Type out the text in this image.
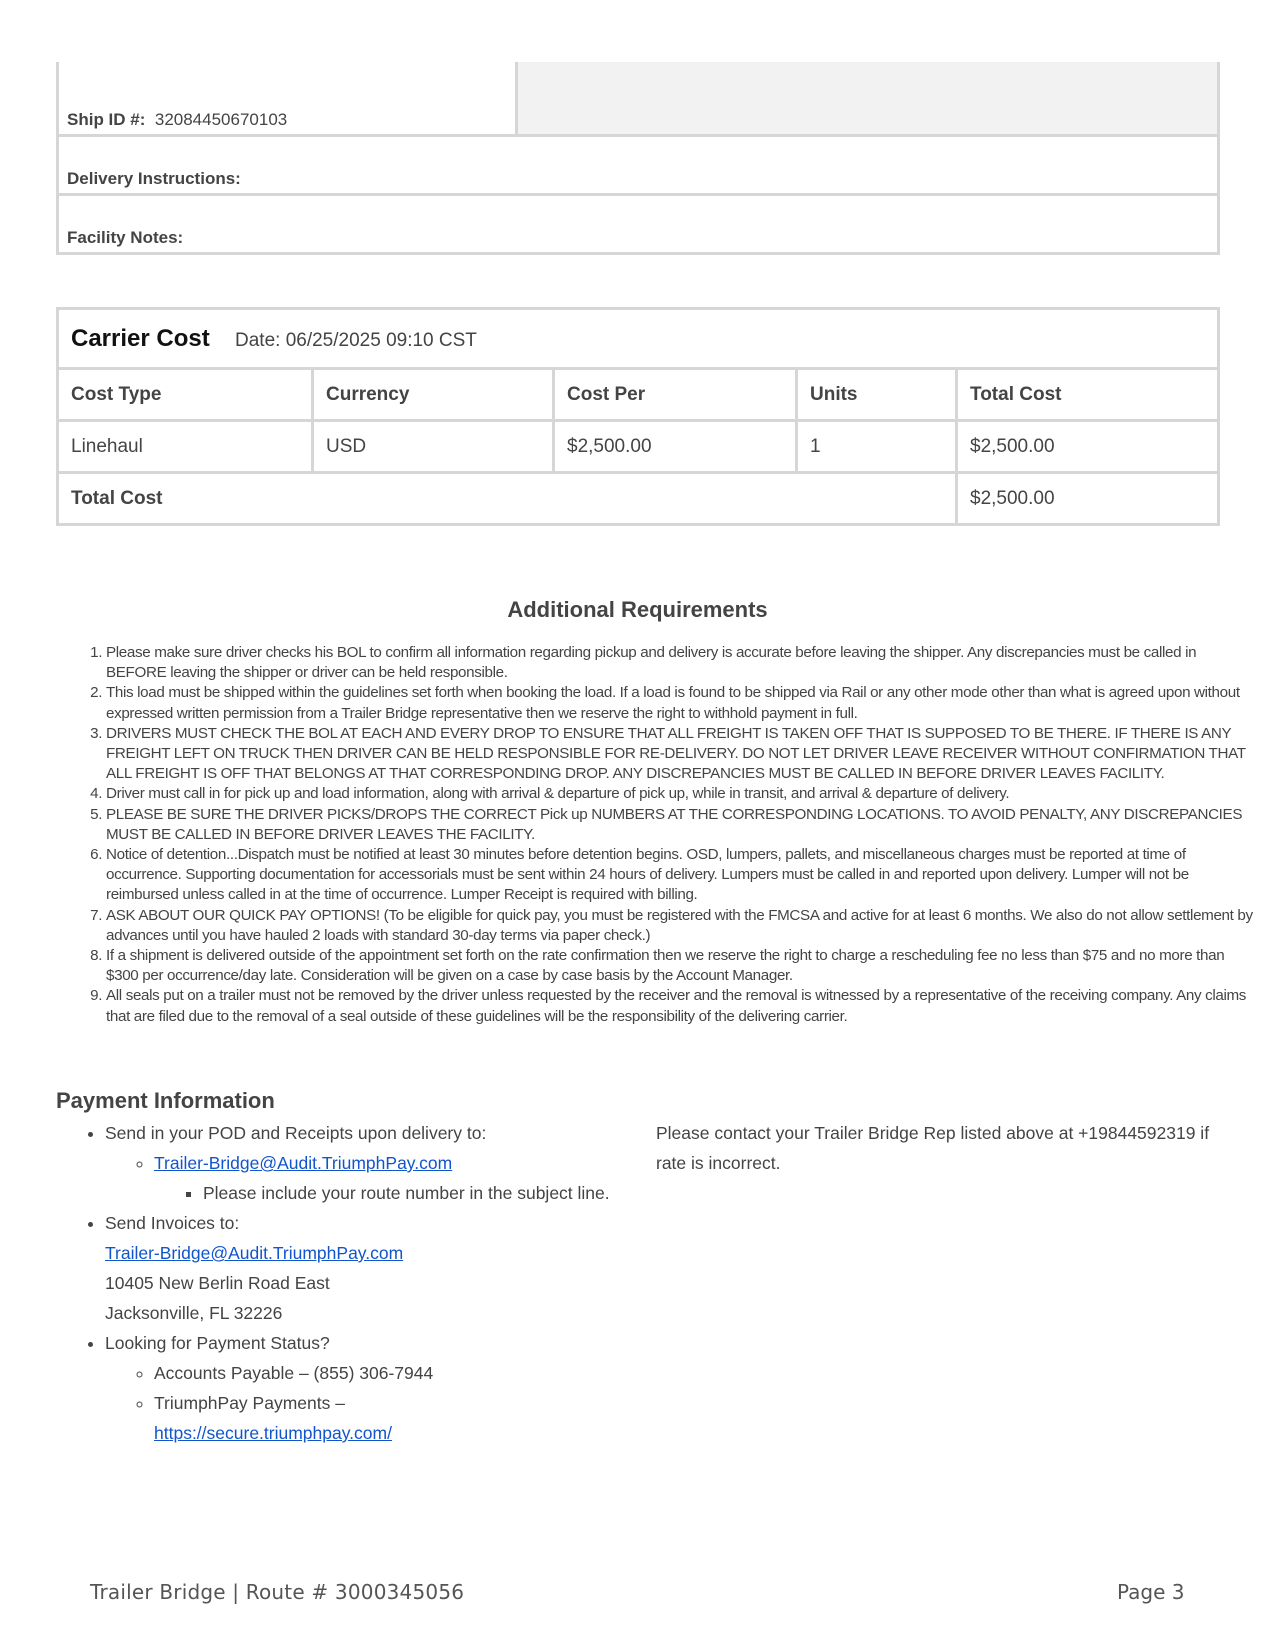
Ship ID #: 32084450670103	
Delivery Instructions:
Facility Notes:
Carrier Cost Date: 06/25/2025 09:10 CST				
Cost Type	Currency	Cost Per	Units	Total Cost
Linehaul	USD	$2,500.00	1	$2,500.00
Total Cost				$2,500.00
Additional Requirements
1. Please make sure driver checks his BOL to confirm all information regarding pickup and delivery is accurate before leaving the shipper. Any discrepancies must be called in BEFORE leaving the shipper or driver can be held responsible.
2. This load must be shipped within the guidelines set forth when booking the load. If a load is found to be shipped via Rail or any other mode other than what is agreed upon without expressed written permission from a Trailer Bridge representative then we reserve the right to withhold payment in full.
3. DRIVERS MUST CHECK THE BOL AT EACH AND EVERY DROP TO ENSURE THAT ALL FREIGHT IS TAKEN OFF THAT IS SUPPOSED TO BE THERE. IF THERE IS ANY FREIGHT LEFT ON TRUCK THEN DRIVER CAN BE HELD RESPONSIBLE FOR RE-DELIVERY. DO NOT LET DRIVER LEAVE RECEIVER WITHOUT CONFIRMATION THAT ALL FREIGHT IS OFF THAT BELONGS AT THAT CORRESPONDING DROP. ANY DISCREPANCIES MUST BE CALLED IN BEFORE DRIVER LEAVES FACILITY.
4. Driver must call in for pick up and load information, along with arrival & departure of pick up, while in transit, and arrival & departure of delivery.
5. PLEASE BE SURE THE DRIVER PICKS/DROPS THE CORRECT Pick up NUMBERS AT THE CORRESPONDING LOCATIONS. TO AVOID PENALTY, ANY DISCREPANCIES MUST BE CALLED IN BEFORE DRIVER LEAVES THE FACILITY.
6. Notice of detention...Dispatch must be notified at least 30 minutes before detention begins. OSD, lumpers, pallets, and miscellaneous charges must be reported at time of occurrence. Supporting documentation for accessorials must be sent within 24 hours of delivery. Lumpers must be called in and reported upon delivery. Lumper will not be reimbursed unless called in at the time of occurrence. Lumper Receipt is required with billing.
7. ASK ABOUT OUR QUICK PAY OPTIONS! (To be eligible for quick pay, you must be registered with the FMCSA and active for at least 6 months. We also do not allow settlement by advances until you have hauled 2 loads with standard 30-day terms via paper check.)
8. If a shipment is delivered outside of the appointment set forth on the rate confirmation then we reserve the right to charge a rescheduling fee no less than $75 and no more than $300 per occurrence/day late. Consideration will be given on a case by case basis by the Account Manager.
9. All seals put on a trailer must not be removed by the driver unless requested by the receiver and the removal is witnessed by a representative of the receiving company. Any claims that are filed due to the removal of a seal outside of these guidelines will be the responsibility of the delivering carrier.
Payment Information
• Send in your POD and Receipts upon delivery to:
◦ Trailer-Bridge@Audit.TriumphPay.com
▪ Please include your route number in the subject line.
• Send Invoices to:
Trailer-Bridge@Audit.TriumphPay.com
10405 New Berlin Road East
Jacksonville, FL 32226
• Looking for Payment Status?
◦ Accounts Payable – (855) 306-7944
◦ TriumphPay Payments –
https://secure.triumphpay.com/
Please contact your Trailer Bridge Rep listed above at +19844592319 if rate is incorrect.
Trailer Bridge | Route # 3000345056	Page 3
